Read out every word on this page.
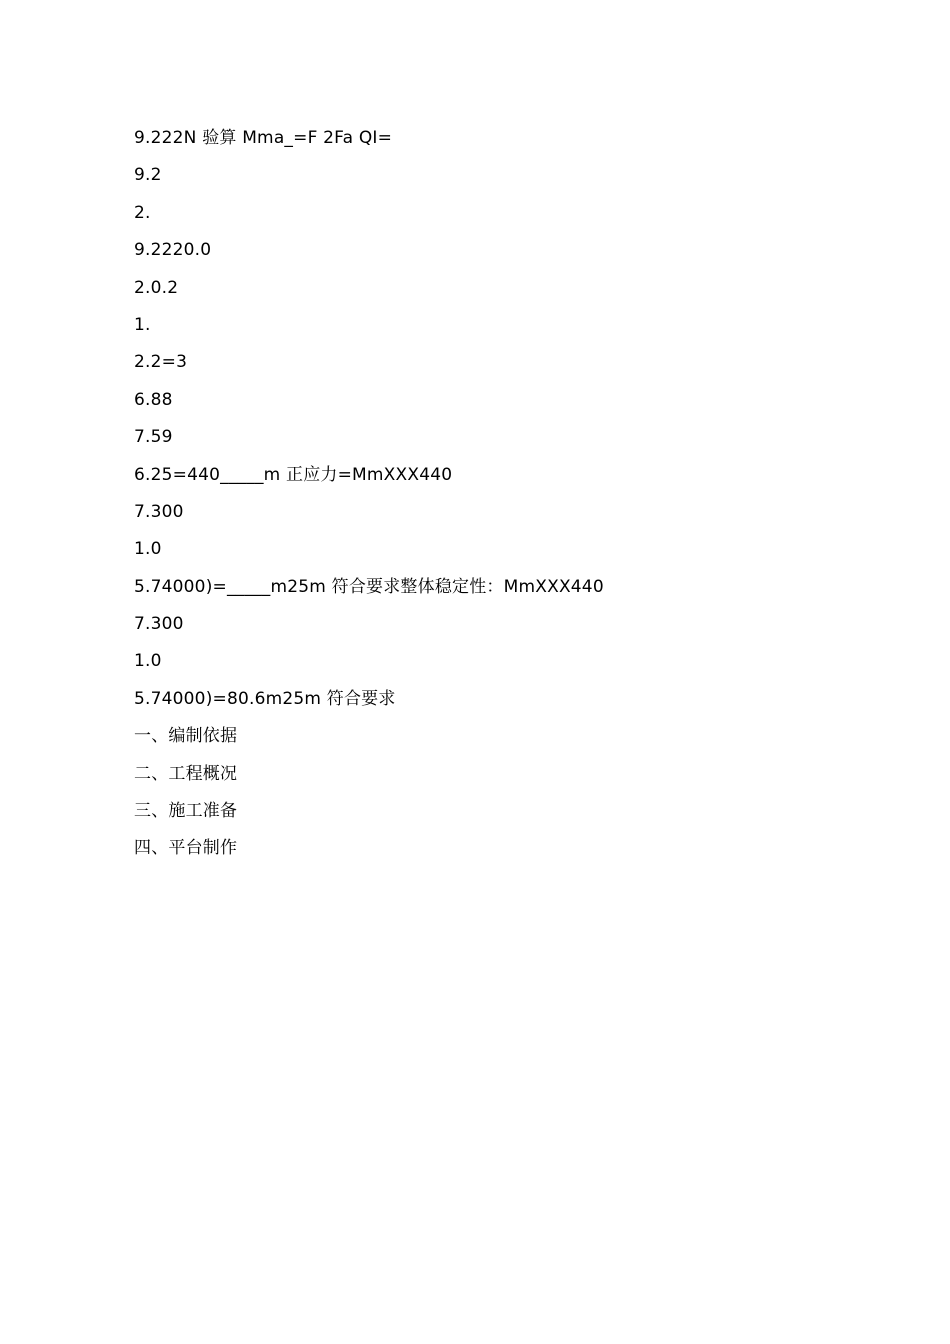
9.222N 验算 Mma_=F 2Fa QI=
9.2
2.
9.2220.0
2.0.2
1.
2.2=3
6.88
7.59
6.25=440_____m 正应力=MmXXX440
7.300
1.0
5.74000)=_____m25m 符合要求整体稳定性：MmXXX440
7.300
1.0
5.74000)=80.6m25m 符合要求
一、编制依据
二、工程概况
三、施工准备
四、平台制作
